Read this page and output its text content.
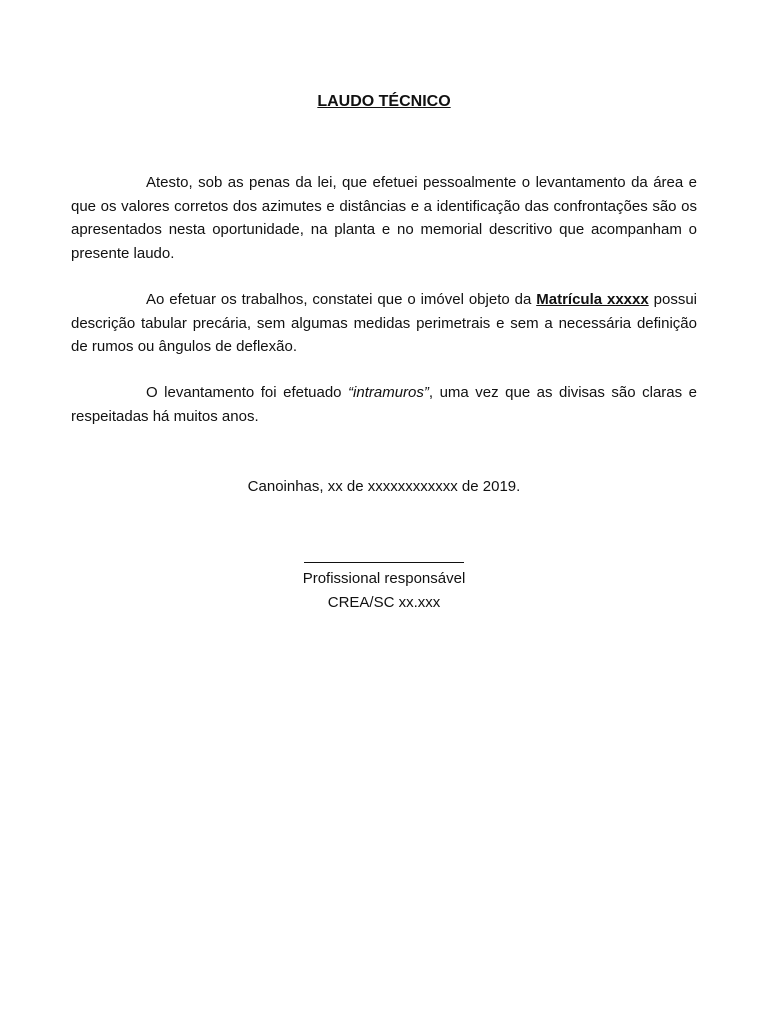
LAUDO TÉCNICO

Atesto, sob as penas da lei, que efetuei pessoalmente o levantamento da área e que os valores corretos dos azimutes e distâncias e a identificação das confrontações são os apresentados nesta oportunidade, na planta e no memorial descritivo que acompanham o presente laudo.

Ao efetuar os trabalhos, constatei que o imóvel objeto da Matrícula xxxxx possui descrição tabular precária, sem algumas medidas perimetrais e sem a necessária definição de rumos ou ângulos de deflexão.

O levantamento foi efetuado “intramuros”, uma vez que as divisas são claras e respeitadas há muitos anos.

Canoinhas, xx de xxxxxxxxxxxx de 2019.
Profissional responsável
CREA/SC xx.xxx
